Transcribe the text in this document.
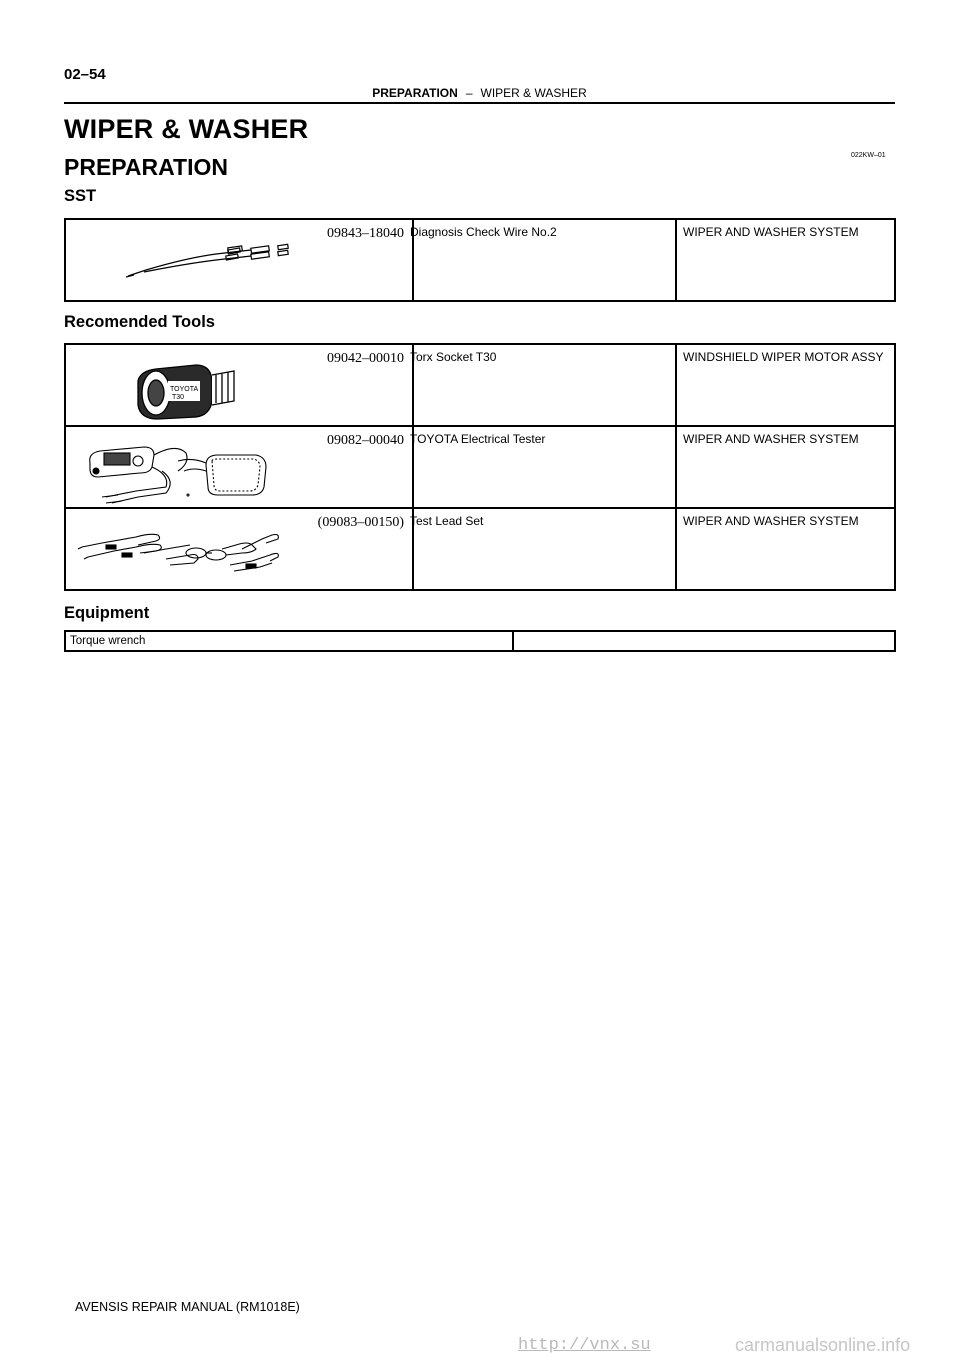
02–54
PREPARATION – WIPER & WASHER
WIPER & WASHER
PREPARATION	022KW–01
SST
09843–18040	Diagnosis Check Wire No.2	WIPER AND WASHER SYSTEM
Recomended Tools
TOYOTA
T30
09042–00010	Torx Socket T30	WINDSHIELD WIPER MOTOR ASSY

09082–00040	TOYOTA Electrical Tester	WIPER AND WASHER SYSTEM

(09083–00150)	Test Lead Set	WIPER AND WASHER SYSTEM
Equipment
Torque wrench	
AVENSIS REPAIR MANUAL (RM1018E)
http://vnx.su	carmanualsonline.info
